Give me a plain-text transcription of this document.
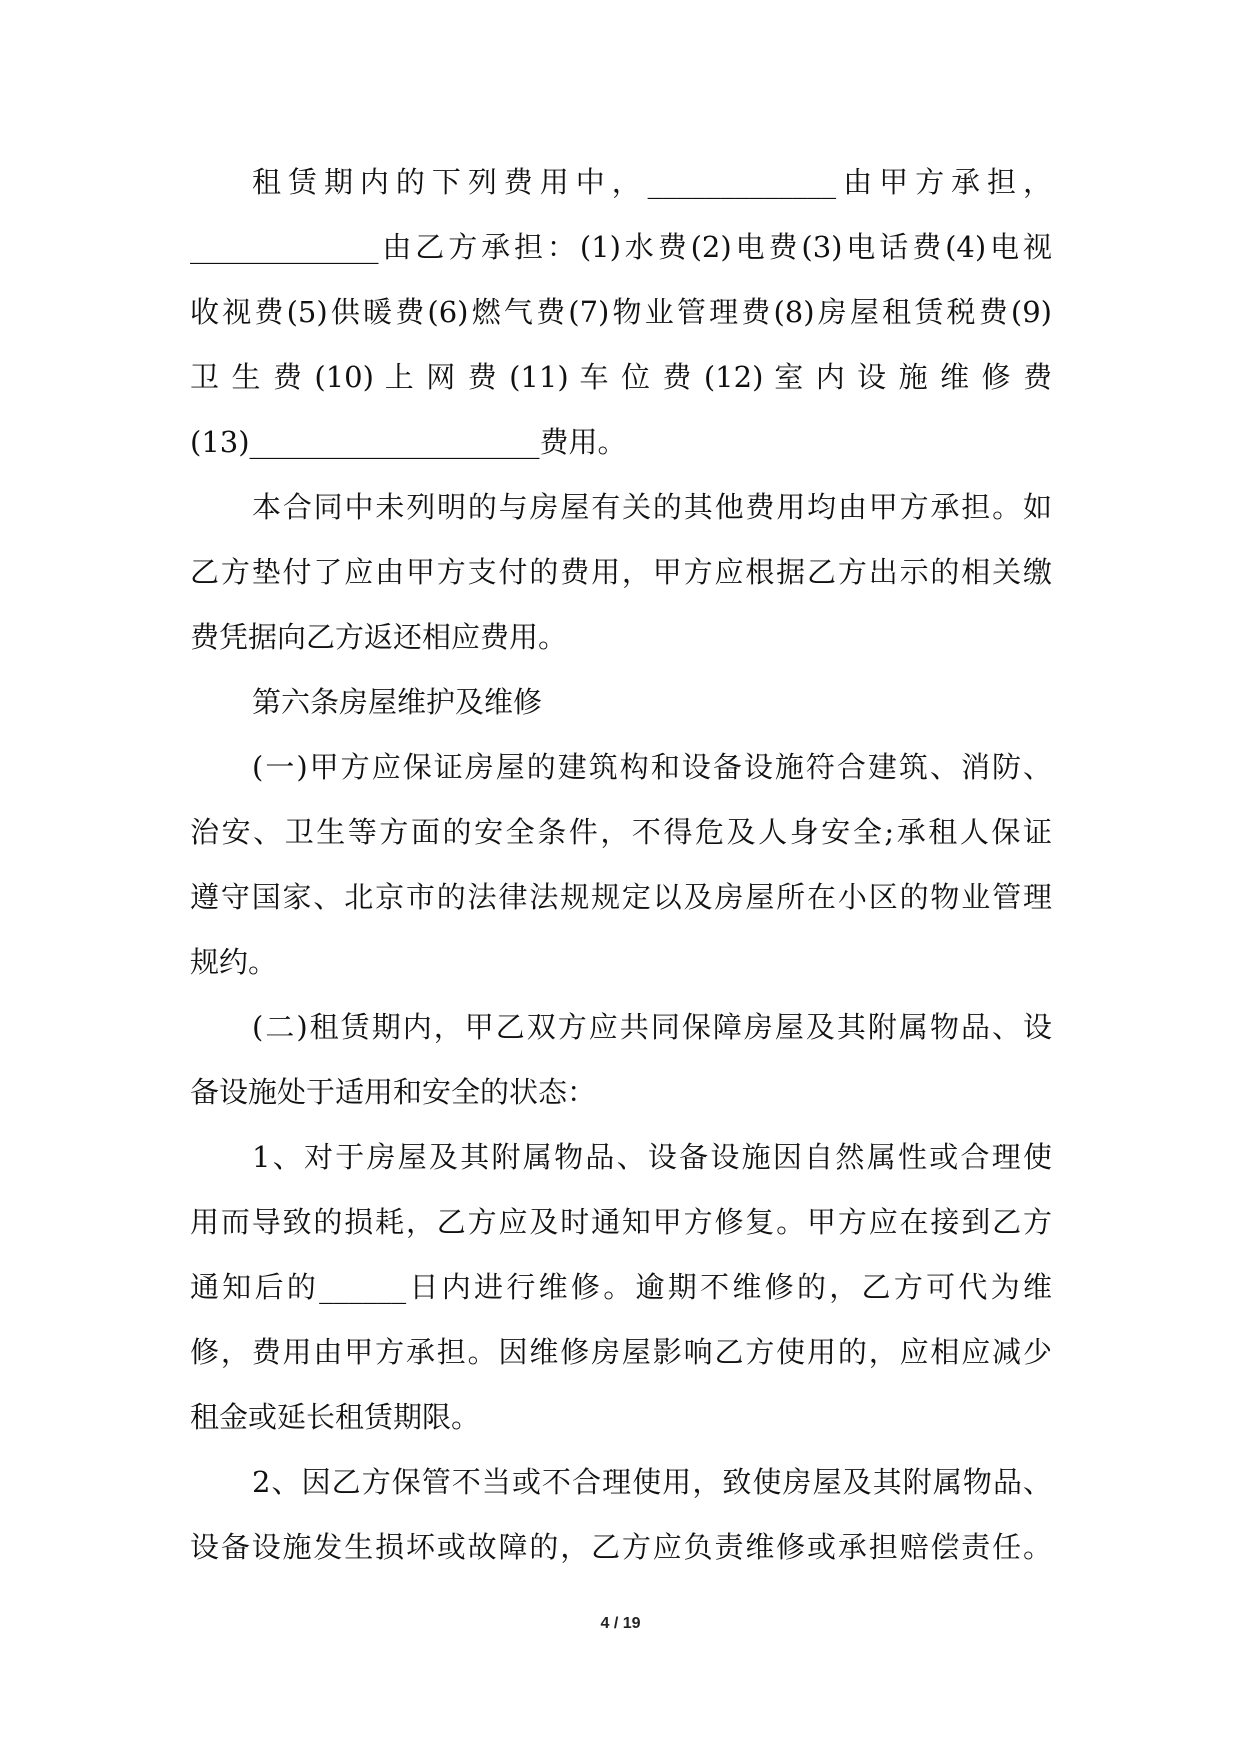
租赁期内的下列费用中，_____________由甲方承担，
_____________由乙方承担：(1)水费(2)电费(3)电话费(4)电视
收视费(5)供暖费(6)燃气费(7)物业管理费(8)房屋租赁税费(9)
卫 生 费 (10) 上 网 费 (11) 车 位 费 (12) 室 内 设 施 维 修 费
(13)____________________费用。
本合同中未列明的与房屋有关的其他费用均由甲方承担。如
乙方垫付了应由甲方支付的费用，甲方应根据乙方出示的相关缴
费凭据向乙方返还相应费用。
第六条房屋维护及维修
(一)甲方应保证房屋的建筑构和设备设施符合建筑、消防、
治安、卫生等方面的安全条件，不得危及人身安全;承租人保证
遵守国家、北京市的法律法规规定以及房屋所在小区的物业管理
规约。
(二)租赁期内，甲乙双方应共同保障房屋及其附属物品、设
备设施处于适用和安全的状态：
1、对于房屋及其附属物品、设备设施因自然属性或合理使
用而导致的损耗，乙方应及时通知甲方修复。甲方应在接到乙方
通知后的______日内进行维修。逾期不维修的，乙方可代为维
修，费用由甲方承担。因维修房屋影响乙方使用的，应相应减少
租金或延长租赁期限。
2、因乙方保管不当或不合理使用，致使房屋及其附属物品、
设备设施发生损坏或故障的，乙方应负责维修或承担赔偿责任。
4 / 19
